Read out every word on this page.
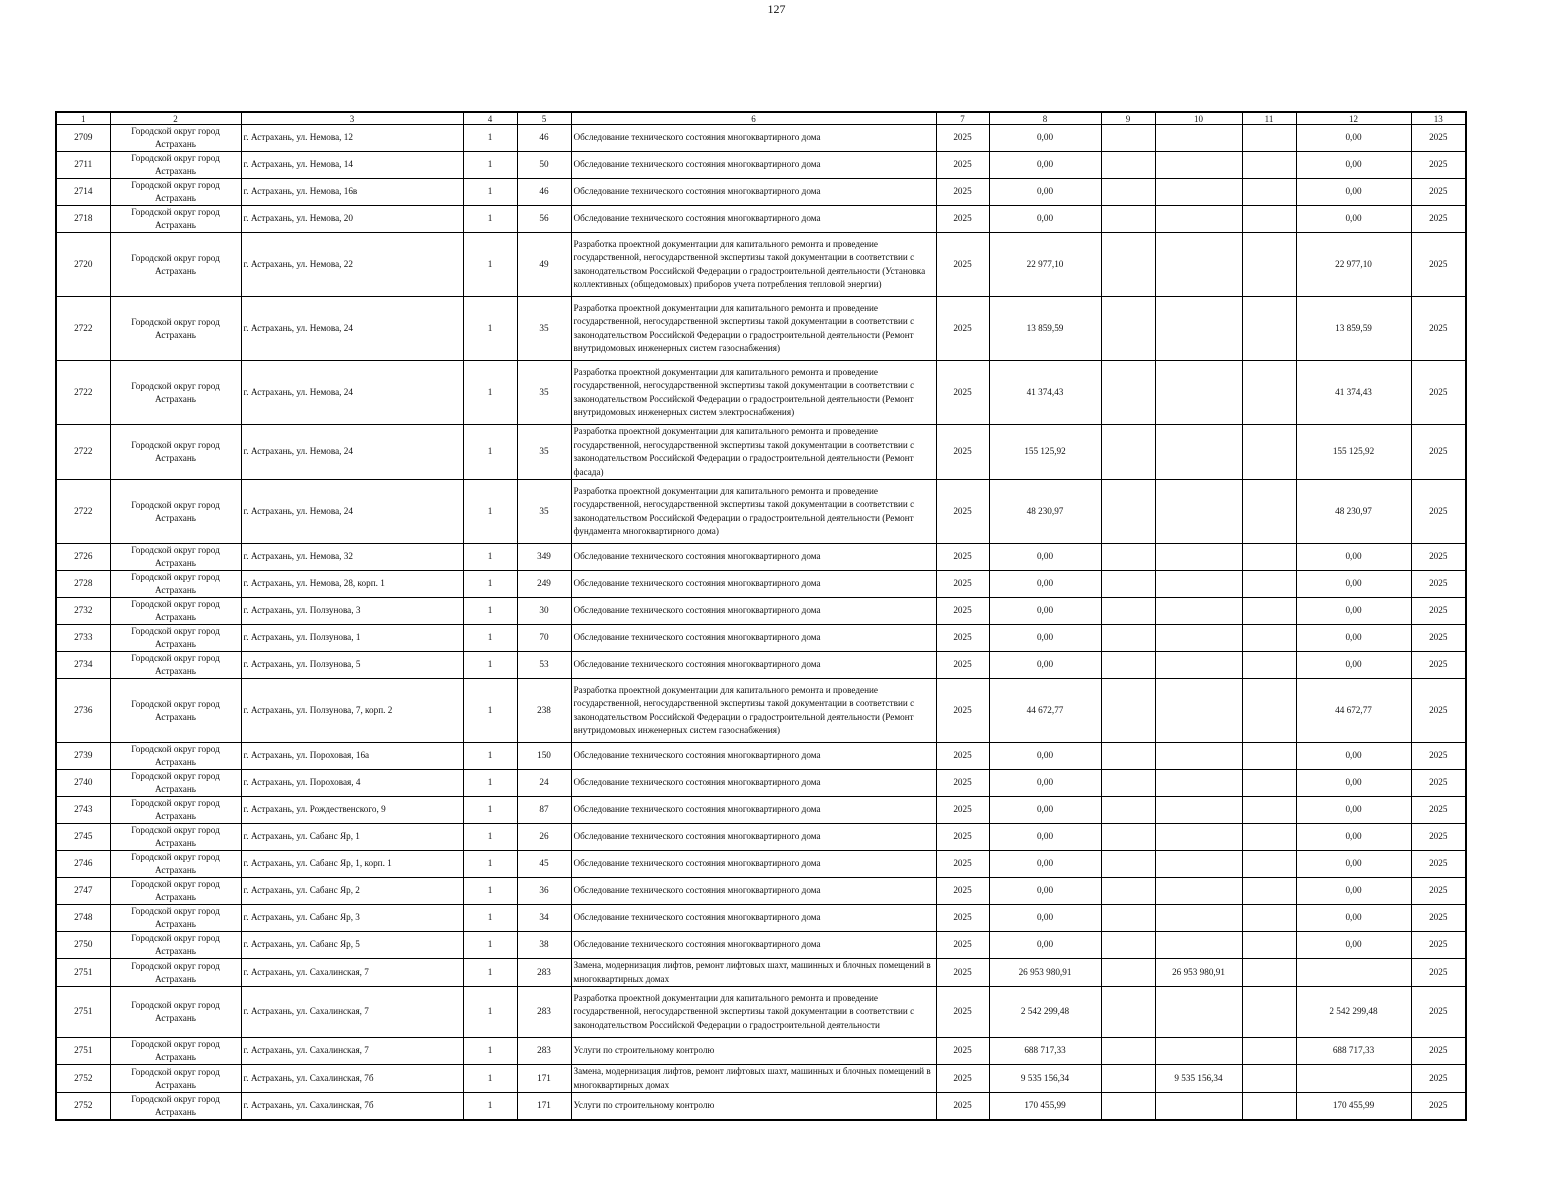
127
1	2	3	4	5	6	7	8	9	10	11	12	13
2709	Городской округ город Астрахань	г. Астрахань, ул. Немова, 12	1	46	Обследование технического состояния многоквартирного дома	2025	0,00				0,00	2025
2711	Городской округ город Астрахань	г. Астрахань, ул. Немова, 14	1	50	Обследование технического состояния многоквартирного дома	2025	0,00				0,00	2025
2714	Городской округ город Астрахань	г. Астрахань, ул. Немова, 16в	1	46	Обследование технического состояния многоквартирного дома	2025	0,00				0,00	2025
2718	Городской округ город Астрахань	г. Астрахань, ул. Немова, 20	1	56	Обследование технического состояния многоквартирного дома	2025	0,00				0,00	2025
2720	Городской округ город Астрахань	г. Астрахань, ул. Немова, 22	1	49	Разработка проектной документации для капитального ремонта и проведение государственной, негосударственной экспертизы такой документации в соответствии с законодательством Российской Федерации о градостроительной деятельности (Установка коллективных (общедомовых) приборов учета потребления тепловой энергии)	2025	22 977,10				22 977,10	2025
2722	Городской округ город Астрахань	г. Астрахань, ул. Немова, 24	1	35	Разработка проектной документации для капитального ремонта и проведение государственной, негосударственной экспертизы такой документации в соответствии с законодательством Российской Федерации о градостроительной деятельности (Ремонт внутридомовых инженерных систем газоснабжения)	2025	13 859,59				13 859,59	2025
2722	Городской округ город Астрахань	г. Астрахань, ул. Немова, 24	1	35	Разработка проектной документации для капитального ремонта и проведение государственной, негосударственной экспертизы такой документации в соответствии с законодательством Российской Федерации о градостроительной деятельности (Ремонт внутридомовых инженерных систем электроснабжения)	2025	41 374,43				41 374,43	2025
2722	Городской округ город Астрахань	г. Астрахань, ул. Немова, 24	1	35	Разработка проектной документации для капитального ремонта и проведение государственной, негосударственной экспертизы такой документации в соответствии с законодательством Российской Федерации о градостроительной деятельности (Ремонт фасада)	2025	155 125,92				155 125,92	2025
2722	Городской округ город Астрахань	г. Астрахань, ул. Немова, 24	1	35	Разработка проектной документации для капитального ремонта и проведение государственной, негосударственной экспертизы такой документации в соответствии с законодательством Российской Федерации о градостроительной деятельности (Ремонт фундамента многоквартирного дома)	2025	48 230,97				48 230,97	2025
2726	Городской округ город Астрахань	г. Астрахань, ул. Немова, 32	1	349	Обследование технического состояния многоквартирного дома	2025	0,00				0,00	2025
2728	Городской округ город Астрахань	г. Астрахань, ул. Немова, 28, корп. 1	1	249	Обследование технического состояния многоквартирного дома	2025	0,00				0,00	2025
2732	Городской округ город Астрахань	г. Астрахань, ул. Ползунова, 3	1	30	Обследование технического состояния многоквартирного дома	2025	0,00				0,00	2025
2733	Городской округ город Астрахань	г. Астрахань, ул. Ползунова, 1	1	70	Обследование технического состояния многоквартирного дома	2025	0,00				0,00	2025
2734	Городской округ город Астрахань	г. Астрахань, ул. Ползунова, 5	1	53	Обследование технического состояния многоквартирного дома	2025	0,00				0,00	2025
2736	Городской округ город Астрахань	г. Астрахань, ул. Ползунова, 7, корп. 2	1	238	Разработка проектной документации для капитального ремонта и проведение государственной, негосударственной экспертизы такой документации в соответствии с законодательством Российской Федерации о градостроительной деятельности (Ремонт внутридомовых инженерных систем газоснабжения)	2025	44 672,77				44 672,77	2025
2739	Городской округ город Астрахань	г. Астрахань, ул. Пороховая, 16а	1	150	Обследование технического состояния многоквартирного дома	2025	0,00				0,00	2025
2740	Городской округ город Астрахань	г. Астрахань, ул. Пороховая, 4	1	24	Обследование технического состояния многоквартирного дома	2025	0,00				0,00	2025
2743	Городской округ город Астрахань	г. Астрахань, ул. Рождественского, 9	1	87	Обследование технического состояния многоквартирного дома	2025	0,00				0,00	2025
2745	Городской округ город Астрахань	г. Астрахань, ул. Сабанс Яр, 1	1	26	Обследование технического состояния многоквартирного дома	2025	0,00				0,00	2025
2746	Городской округ город Астрахань	г. Астрахань, ул. Сабанс Яр, 1, корп. 1	1	45	Обследование технического состояния многоквартирного дома	2025	0,00				0,00	2025
2747	Городской округ город Астрахань	г. Астрахань, ул. Сабанс Яр, 2	1	36	Обследование технического состояния многоквартирного дома	2025	0,00				0,00	2025
2748	Городской округ город Астрахань	г. Астрахань, ул. Сабанс Яр, 3	1	34	Обследование технического состояния многоквартирного дома	2025	0,00				0,00	2025
2750	Городской округ город Астрахань	г. Астрахань, ул. Сабанс Яр, 5	1	38	Обследование технического состояния многоквартирного дома	2025	0,00				0,00	2025
2751	Городской округ город Астрахань	г. Астрахань, ул. Сахалинская, 7	1	283	Замена, модернизация лифтов, ремонт лифтовых шахт, машинных и блочных помещений в многоквартирных домах	2025	26 953 980,91		26 953 980,91			2025
2751	Городской округ город Астрахань	г. Астрахань, ул. Сахалинская, 7	1	283	Разработка проектной документации для капитального ремонта и проведение государственной, негосударственной экспертизы такой документации в соответствии с законодательством Российской Федерации о градостроительной деятельности	2025	2 542 299,48				2 542 299,48	2025
2751	Городской округ город Астрахань	г. Астрахань, ул. Сахалинская, 7	1	283	Услуги по строительному контролю	2025	688 717,33				688 717,33	2025
2752	Городской округ город Астрахань	г. Астрахань, ул. Сахалинская, 7б	1	171	Замена, модернизация лифтов, ремонт лифтовых шахт, машинных и блочных помещений в многоквартирных домах	2025	9 535 156,34		9 535 156,34			2025
2752	Городской округ город Астрахань	г. Астрахань, ул. Сахалинская, 7б	1	171	Услуги по строительному контролю	2025	170 455,99				170 455,99	2025
